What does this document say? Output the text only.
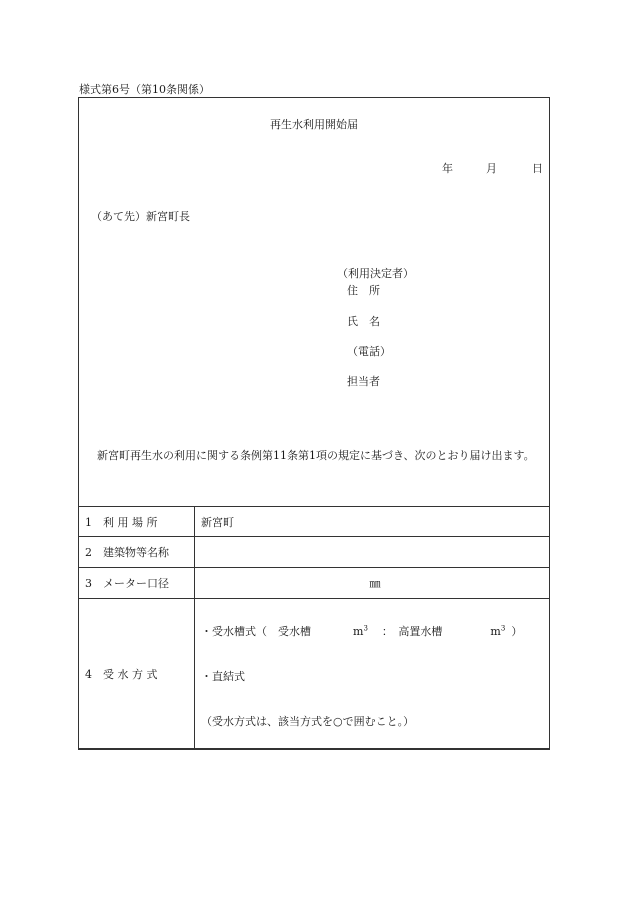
様式第6号（第10条関係）
再生水利用開始届
年	月	日
（あて先）新宮町長
（利用決定者）
住　所
氏　名
（電話）
担当者
新宮町再生水の利用に関する条例第11条第1項の規定に基づき、次のとおり届け出ます。
1　利 用 場 所	新宮町
2　建築物等名称	
3　メーター口径	㎜
4　受 水 方 式	・受水槽式（　受水槽 $m^3$ ：　高置水槽 $m^3$ ）
・直結式
（受水方式は、該当方式を○で囲むこと。）
